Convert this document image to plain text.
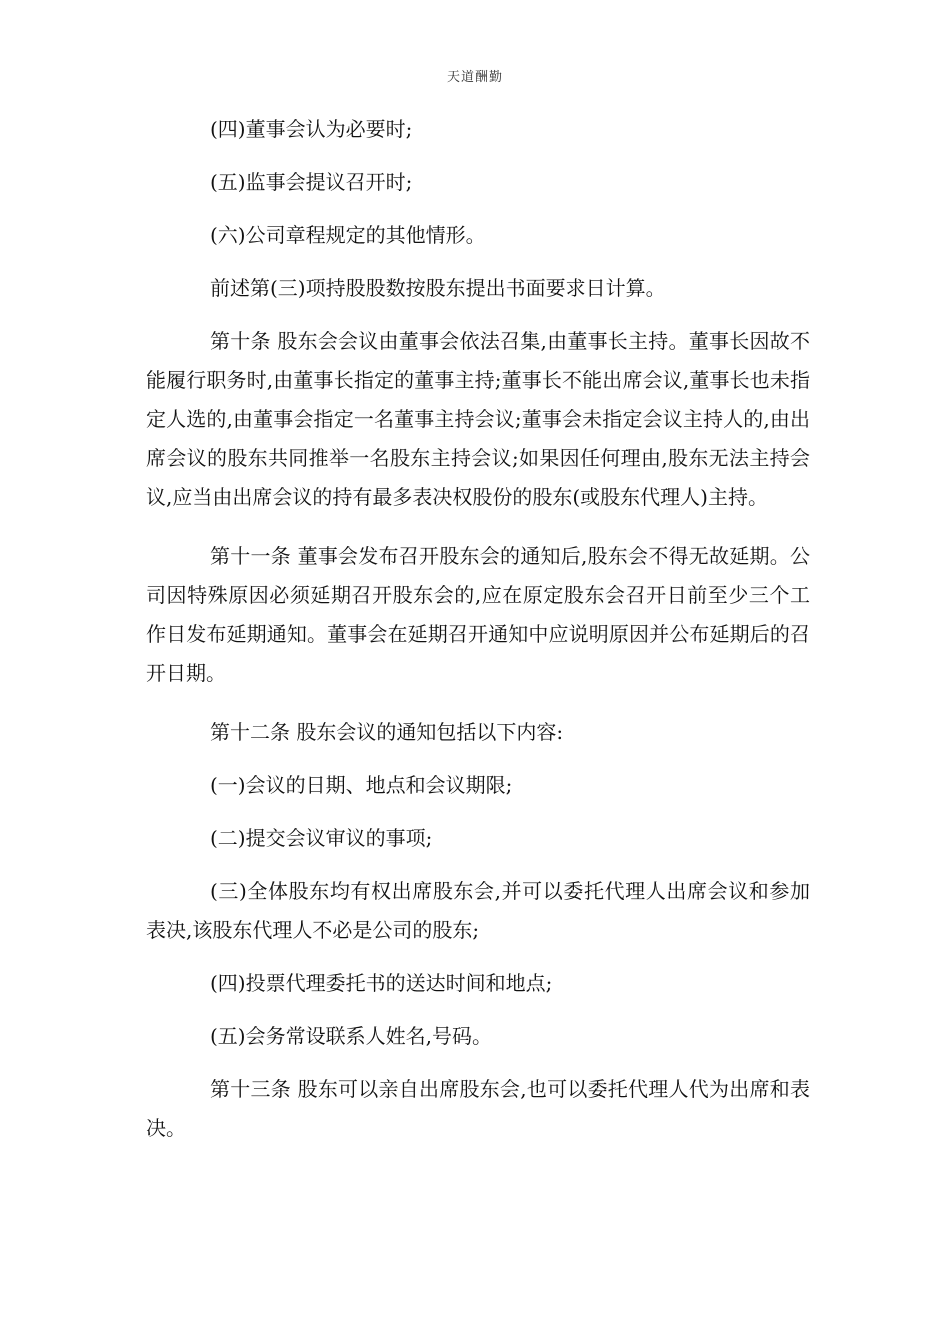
天道酬勤

(四)董事会认为必要时;

(五)监事会提议召开时;

(六)公司章程规定的其他情形。

前述第(三)项持股股数按股东提出书面要求日计算。

第十条 股东会会议由董事会依法召集,由董事长主持。董事长因故不能履行职务时,由董事长指定的董事主持;董事长不能出席会议,董事长也未指定人选的,由董事会指定一名董事主持会议;董事会未指定会议主持人的,由出席会议的股东共同推举一名股东主持会议;如果因任何理由,股东无法主持会议,应当由出席会议的持有最多表决权股份的股东(或股东代理人)主持。

第十一条 董事会发布召开股东会的通知后,股东会不得无故延期。公司因特殊原因必须延期召开股东会的,应在原定股东会召开日前至少三个工作日发布延期通知。董事会在延期召开通知中应说明原因并公布延期后的召开日期。

第十二条 股东会议的通知包括以下内容:

(一)会议的日期、地点和会议期限;

(二)提交会议审议的事项;

(三)全体股东均有权出席股东会,并可以委托代理人出席会议和参加表决,该股东代理人不必是公司的股东;

(四)投票代理委托书的送达时间和地点;

(五)会务常设联系人姓名,号码。

第十三条 股东可以亲自出席股东会,也可以委托代理人代为出席和表决。
